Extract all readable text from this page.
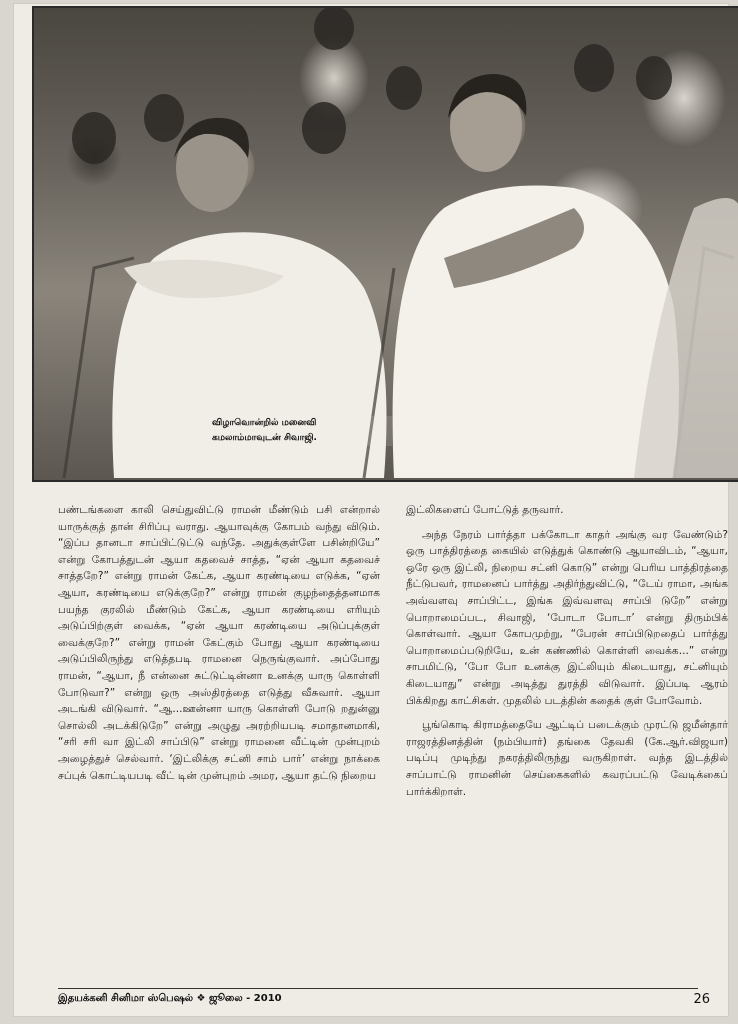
விழாவொன்றில் மனைவி
கமலாம்மாவுடன் சிவாஜி.

பண்டங்களை காலி செய்துவிட்டு ராமன் மீண்டும் பசி என்றால் யாருக்குத் தான் சிரிப்பு வராது. ஆயாவுக்கு கோபம் வந்து விடும். “இப்ப தானடா சாப்பிட்டுட்டு வந்தே. அதுக்குள்ளே பசின்றியே” என்று கோபத்துடன் ஆயா கதவைச் சாத்த, “ஏன் ஆயா கதவைச் சாத்தறே?” என்று ராமன் கேட்க, ஆயா கரண்டியை எடுக்க, “ஏன் ஆயா, கரண்டியை எடுக்குறே?” என்று ராமன் குழந்தைத்தனமாக பயந்த குரலில் மீண்டும் கேட்க, ஆயா கரண்டியை எரியும் அடுப்பிற்குள் வைக்க, “ஏன் ஆயா கரண்டியை அடுப்புக்குள் வைக்குறே?” என்று ராமன் கேட்கும் போது ஆயா கரண்டியை அடுப்பிலிருந்து எடுத்தபடி ராமனை நெருங்குவார். அப்போது ராமன், “ஆயா, நீ என்னை சுட்டுட்டின்னா உனக்கு யாரு கொள்ளி போடுவா?” என்று ஒரு அஸ்திரத்தை எடுத்து வீசுவார். ஆயா அடங்கி விடுவார். “ஆ...ஊன்னா யாரு கொள்ளி போடு றதுன்னு சொல்லி அடக்கிடுறே” என்று அழுது அரற்றியபடி சமாதானமாகி, “சரி சரி வா இட்லி சாப்பிடு” என்று ராமனை வீட்டின் முன்புறம் அழைத்துச் செல்வார். ‘இட்லிக்கு சட்னி சாம் பார்’ என்று நாக்கை சப்புக் கொட்டியபடி வீட் டின் முன்புறம் அமர, ஆயா தட்டு நிறைய

இட்லிகளைப் போட்டுத் தருவார்.

அந்த நேரம் பார்த்தா பக்கோடா காதர் அங்கு வர வேண்டும்? ஒரு பாத்திரத்தை கையில் எடுத்துக் கொண்டு ஆயாவிடம், “ஆயா, ஒரே ஒரு இட்லி, நிறைய சட்னி கொடு” என்று பெரிய பாத்திரத்தை நீட்டுபவர், ராமனைப் பார்த்து அதிர்ந்துவிட்டு, “டேய் ராமா, அங்க அவ்வளவு சாப்பிட்ட, இங்க இவ்வளவு சாப்பி டுறே” என்று பொறாமைப்பட, சிவாஜி, ‘போடா போடா’ என்று திரும்பிக் கொள்வார். ஆயா கோபமுற்று, “பேரன் சாப்பிடுறதைப் பார்த்து பொறாமைப்படுறியே, உன் கண்ணில் கொள்ளி வைக்க...” என்று சாபமிட்டு, ‘போ போ உனக்கு இட்லியும் கிடையாது, சட்னியும் கிடையாது” என்று அடித்து துரத்தி விடுவார். இப்படி ஆரம் பிக்கிறது காட்சிகள். முதலில் படத்தின் கதைக் குள் போவோம்.

பூங்கொடி கிராமத்தையே ஆட்டிப் படைக்கும் முரட்டு ஜமீன்தார் ராஜரத்தினத்தின் (நம்பியார்) தங்கை தேவகி (கே.ஆர்.விஜயா) படிப்பு முடிந்து நகரத்திலிருந்து வருகிறாள். வந்த இடத்தில் சாப்பாட்டு ராமனின் செய்கைகளில் கவரப்பட்டு வேடிக்கைப் பார்க்கிறாள்.

இதயக்கனி சினிமா ஸ்பெஷல் ❖ ஜூலை - 2010	26
